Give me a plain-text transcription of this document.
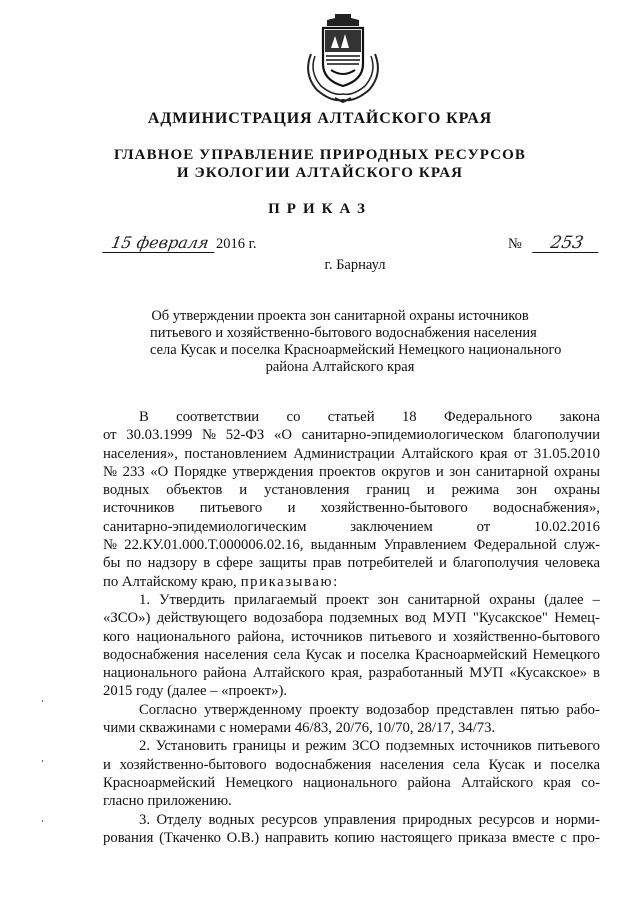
АДМИНИСТРАЦИЯ АЛТАЙСКОГО КРАЯ
ГЛАВНОЕ УПРАВЛЕНИЕ ПРИРОДНЫХ РЕСУРСОВ
И ЭКОЛОГИИ АЛТАЙСКОГО КРАЯ
ПРИКАЗ
15 февраля 2016 г.	№	253
г. Барнаул
Об утверждении проекта зон санитарной охраны источников
питьевого и хозяйственно-бытового водоснабжения населения
села Кусак и поселка Красноармейский Немецкого национального
района Алтайского края
В соответствии со статьей 18 Федерального закона
от 30.03.1999 № 52-ФЗ «О санитарно-эпидемиологическом благополучии
населения», постановлением Администрации Алтайского края от 31.05.2010
№ 233 «О Порядке утверждения проектов округов и зон санитарной охраны
водных объектов и установления границ и режима зон охраны
источников питьевого и хозяйственно-бытового водоснабжения»,
санитарно-эпидемиологическим	заключением	от	10.02.2016
№ 22.КУ.01.000.Т.000006.02.16, выданным Управлением Федеральной служ-
бы по надзору в сфере защиты прав потребителей и благополучия человека
по Алтайскому краю, приказываю:
1. Утвердить прилагаемый проект зон санитарной охраны (далее –
«ЗСО») действующего водозабора подземных вод МУП "Кусакское" Немец-
кого национального района, источников питьевого и хозяйственно-бытового
водоснабжения населения села Кусак и поселка Красноармейский Немецкого
национального района Алтайского края, разработанный МУП «Кусакское» в
2015 году (далее – «проект»).
Согласно утвержденному проекту водозабор представлен пятью рабо-
чими скважинами с номерами 46/83, 20/76, 10/70, 28/17, 34/73.
2. Установить границы и режим ЗСО подземных источников питьевого
и хозяйственно-бытового водоснабжения населения села Кусак и поселка
Красноармейский Немецкого национального района Алтайского края со-
гласно приложению.
3. Отделу водных ресурсов управления природных ресурсов и норми-
рования (Ткаченко О.В.) направить копию настоящего приказа вместе с про-
